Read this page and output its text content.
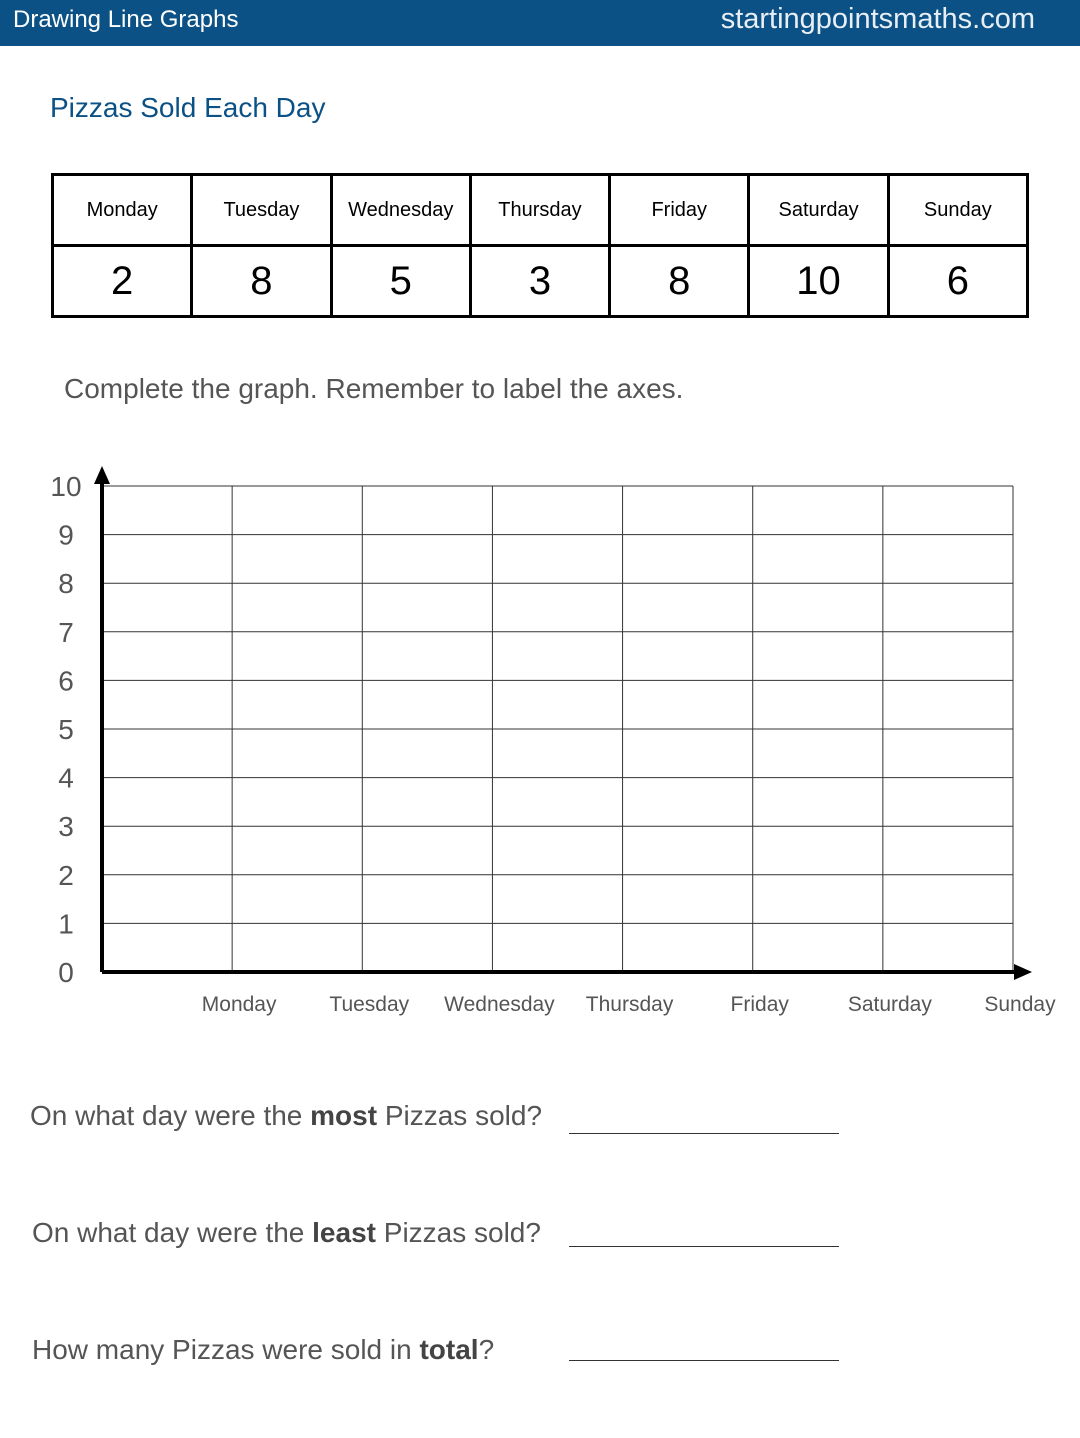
Drawing Line Graphs	startingpointsmaths.com
Pizzas Sold Each Day
Monday	Tuesday	Wednesday	Thursday	Friday	Saturday	Sunday
2	8	5	3	8	10	6
Complete the graph. Remember to label the axes.
0
1
2
3
4
5
6
7
8
9
10
Monday	Tuesday Wednesday Thursday	Friday	Saturday Sunday
On what day were the most Pizzas sold?
On what day were the least Pizzas sold?
How many Pizzas were sold in total?
